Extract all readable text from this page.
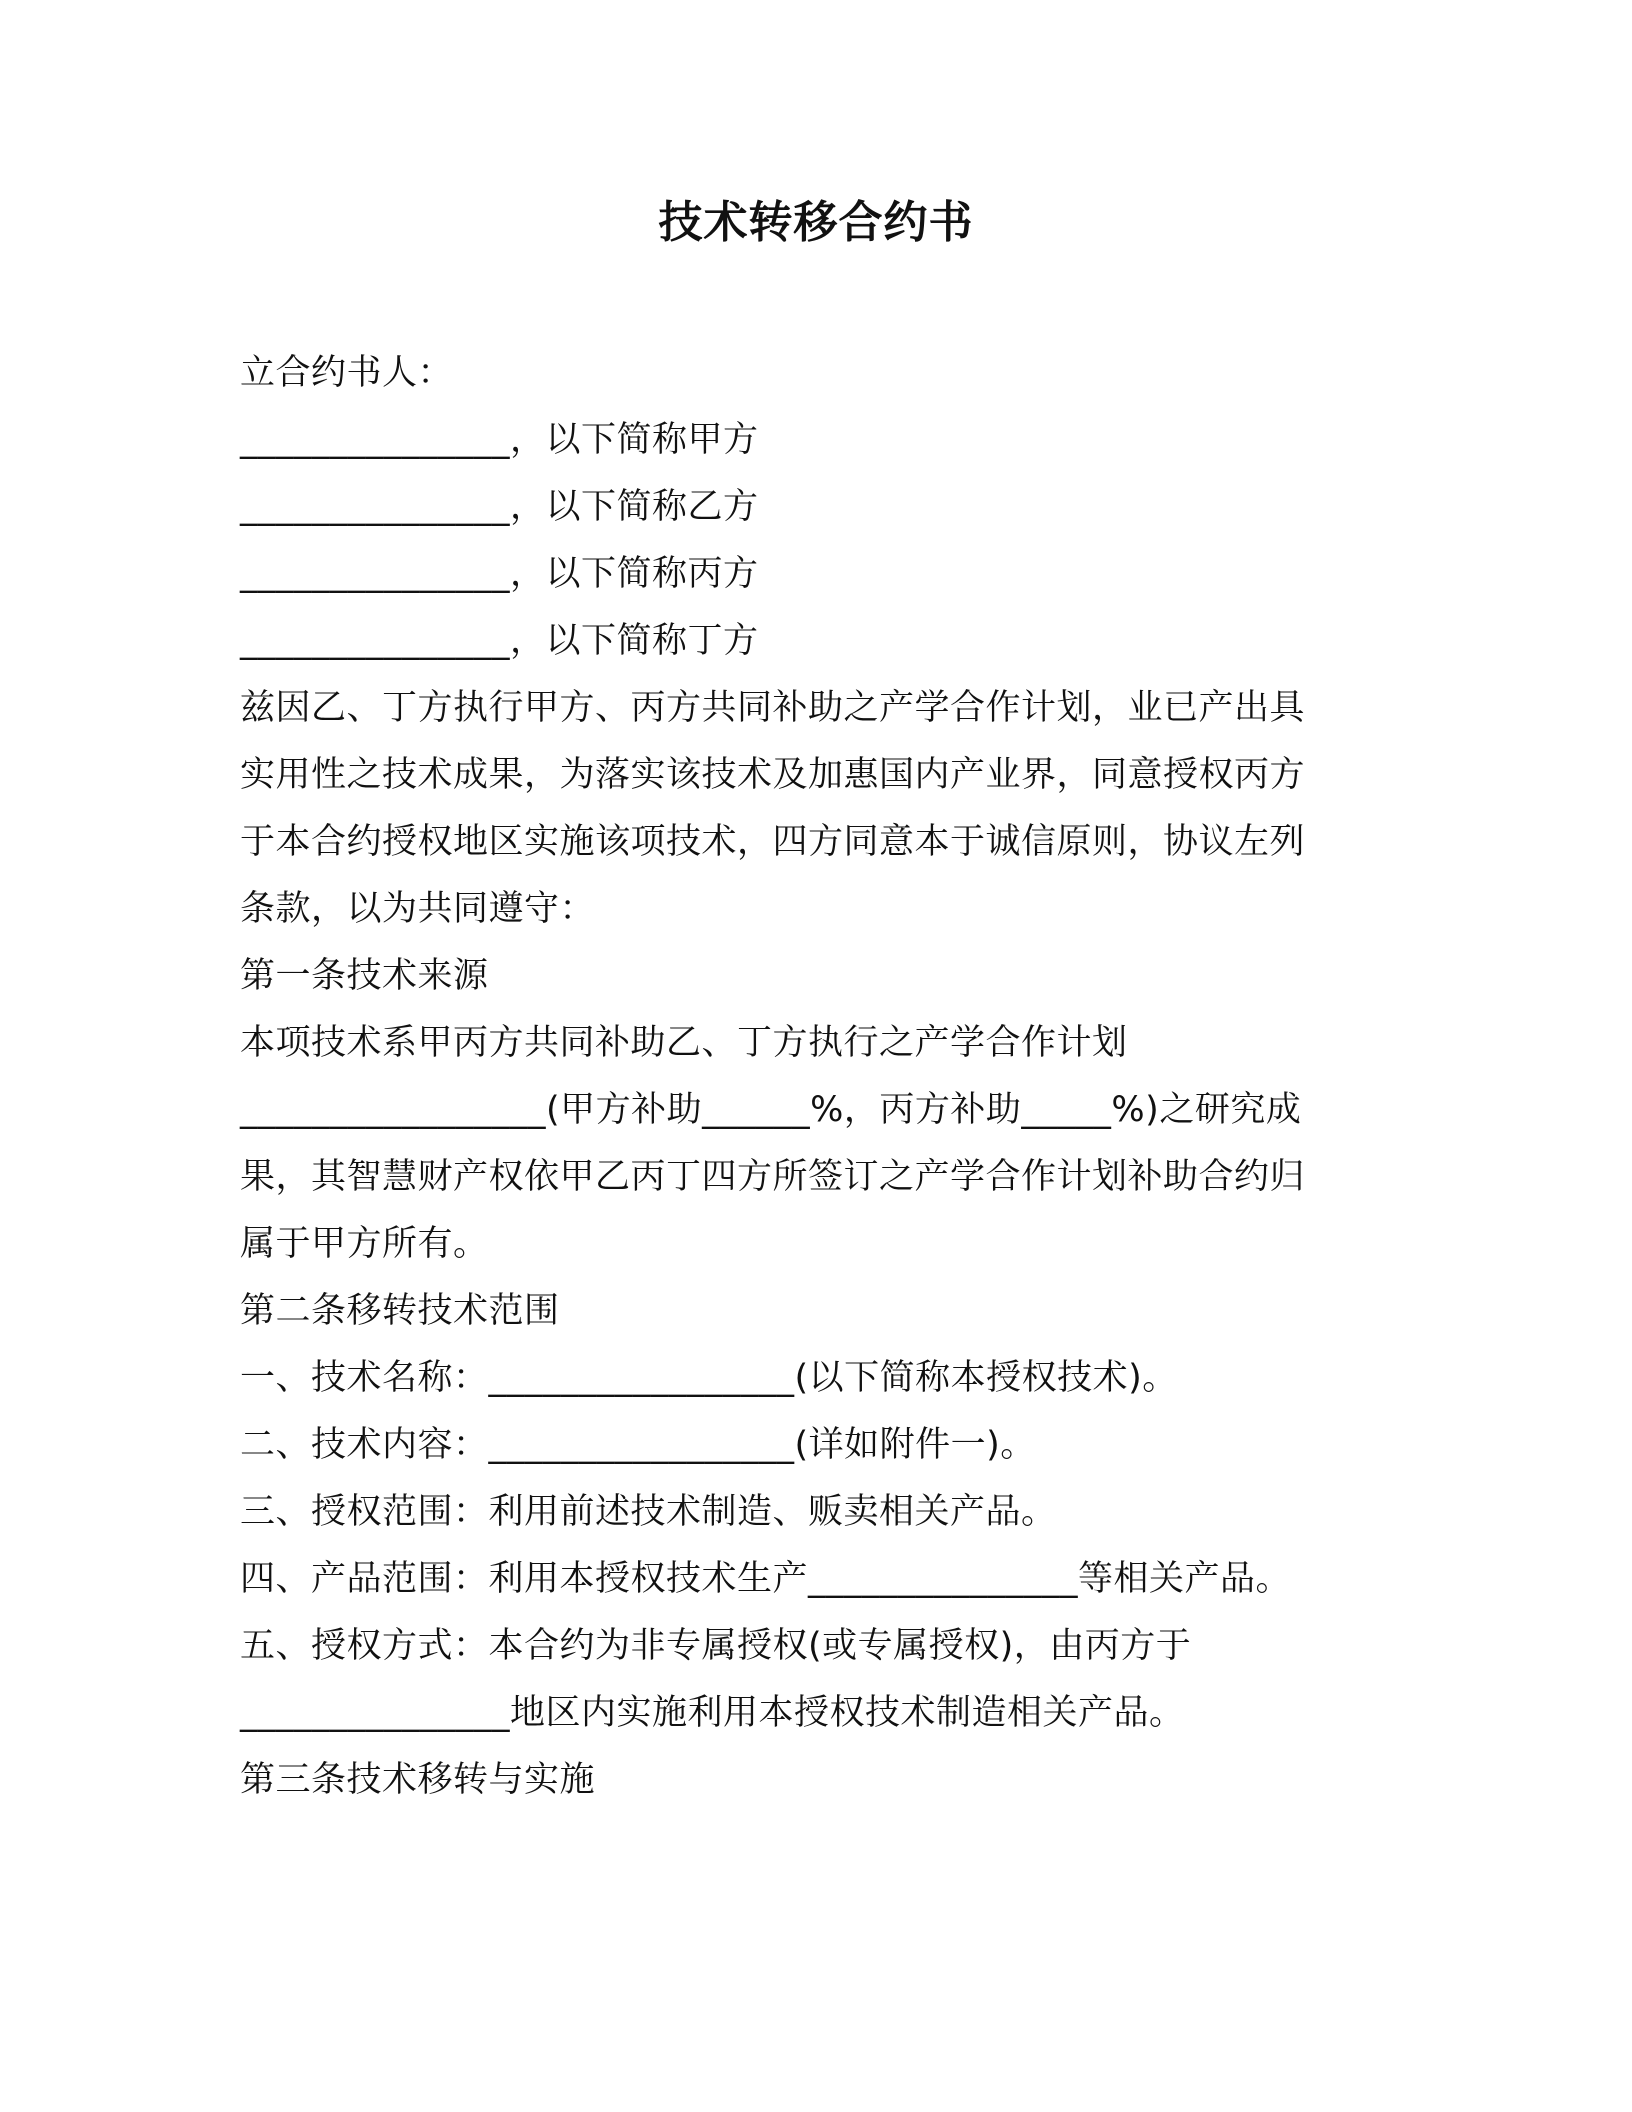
技术转移合约书
立合约书人：
_______________，以下简称甲方
_______________，以下简称乙方
_______________，以下简称丙方
_______________，以下简称丁方
兹因乙、丁方执行甲方、丙方共同补助之产学合作计划，业已产出具
实用性之技术成果，为落实该技术及加惠国内产业界，同意授权丙方
于本合约授权地区实施该项技术，四方同意本于诚信原则，协议左列
条款，以为共同遵守：
第一条技术来源
本项技术系甲丙方共同补助乙、丁方执行之产学合作计划
_________________(甲方补助______%，丙方补助_____%)之研究成
果，其智慧财产权依甲乙丙丁四方所签订之产学合作计划补助合约归
属于甲方所有。
第二条移转技术范围
一、技术名称：_________________(以下简称本授权技术)。
二、技术内容：_________________(详如附件一)。
三、授权范围：利用前述技术制造、贩卖相关产品。
四、产品范围：利用本授权技术生产_______________等相关产品。
五、授权方式：本合约为非专属授权(或专属授权)，由丙方于
_______________地区内实施利用本授权技术制造相关产品。
第三条技术移转与实施
